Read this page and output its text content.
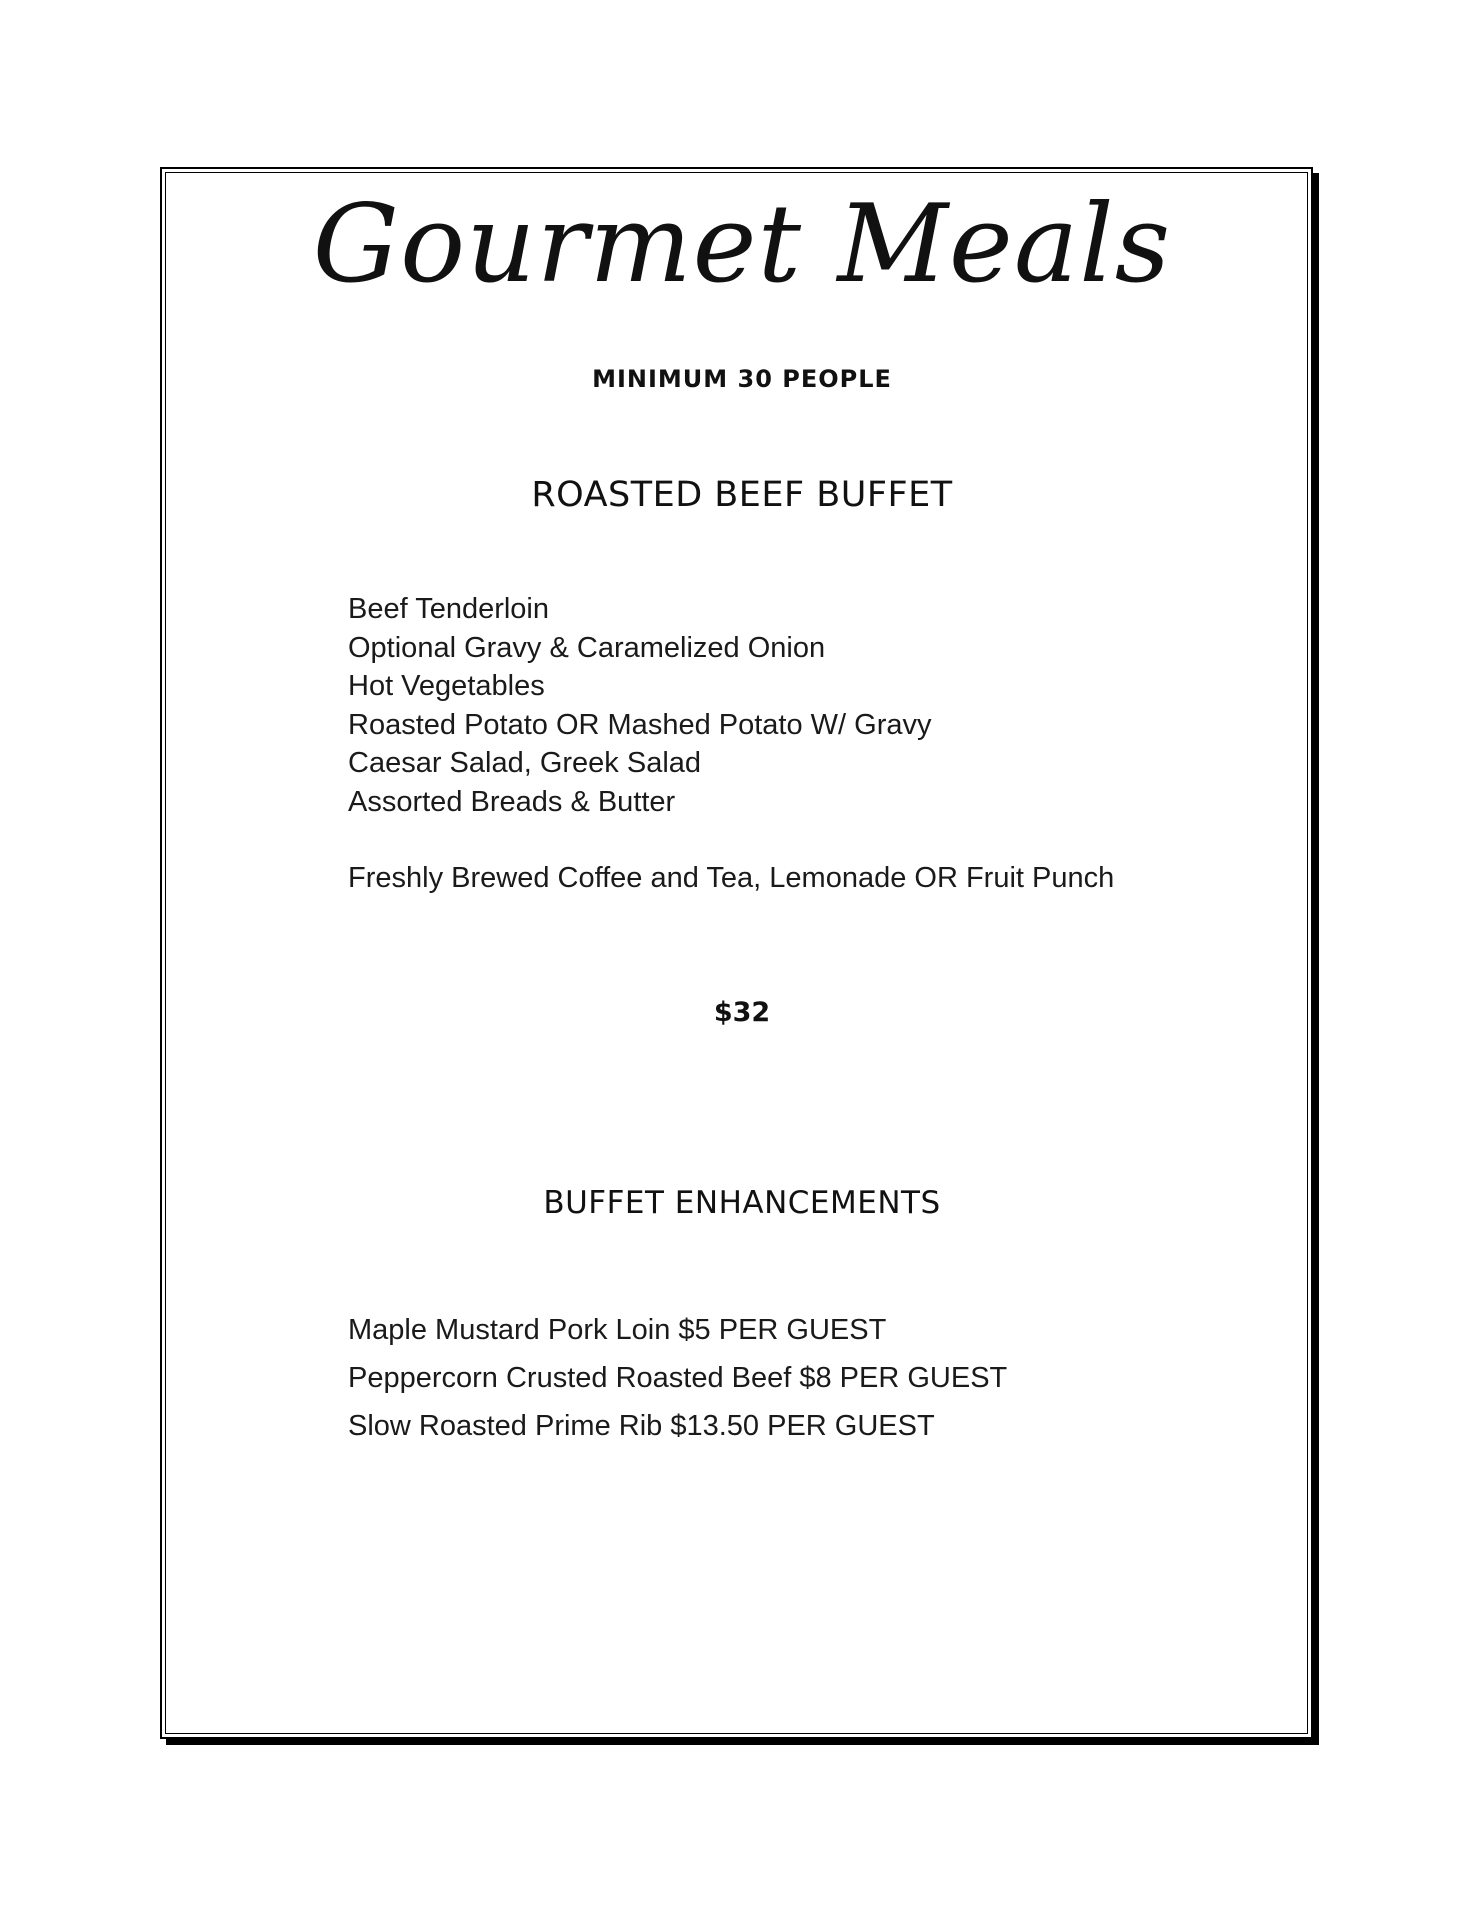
Gourmet Meals
MINIMUM 30 PEOPLE
ROASTED BEEF BUFFET
Beef Tenderloin
Optional Gravy & Caramelized Onion
Hot Vegetables
Roasted Potato OR Mashed Potato W/ Gravy
Caesar Salad, Greek Salad
Assorted Breads & Butter
Freshly Brewed Coffee and Tea, Lemonade OR Fruit Punch
$32
BUFFET ENHANCEMENTS
Maple Mustard Pork Loin $5 PER GUEST
Peppercorn Crusted Roasted Beef $8 PER GUEST
Slow Roasted Prime Rib $13.50 PER GUEST
